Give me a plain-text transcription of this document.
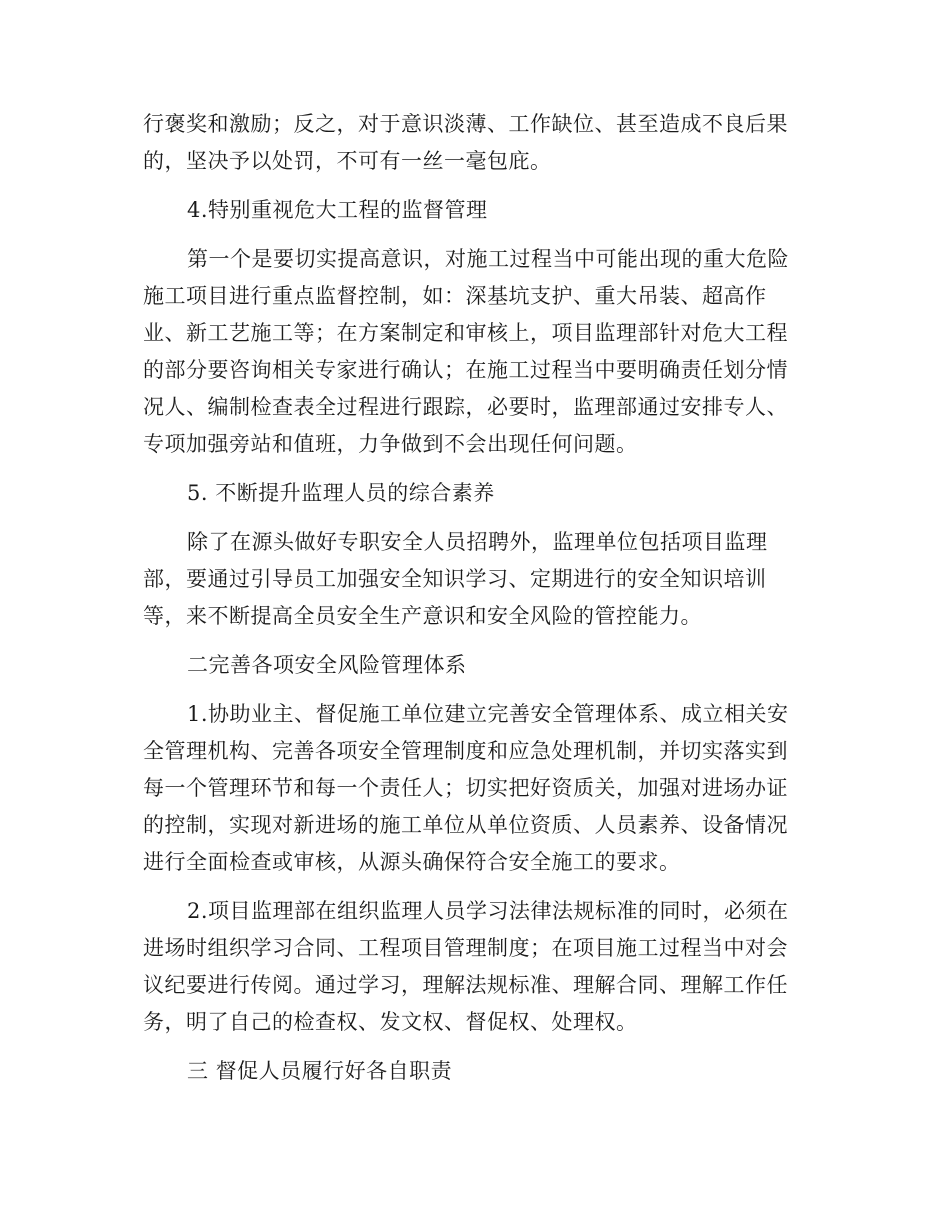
行褒奖和激励；反之，对于意识淡薄、工作缺位、甚至造成不良后果
的，坚决予以处罚，不可有一丝一毫包庇。
4.特别重视危大工程的监督管理
第一个是要切实提高意识，对施工过程当中可能出现的重大危险
施工项目进行重点监督控制，如：深基坑支护、重大吊装、超高作
业、新工艺施工等；在方案制定和审核上，项目监理部针对危大工程
的部分要咨询相关专家进行确认；在施工过程当中要明确责任划分情
况人、编制检查表全过程进行跟踪，必要时，监理部通过安排专人、
专项加强旁站和值班，力争做到不会出现任何问题。
5. 不断提升监理人员的综合素养
除了在源头做好专职安全人员招聘外，监理单位包括项目监理
部，要通过引导员工加强安全知识学习、定期进行的安全知识培训
等，来不断提高全员安全生产意识和安全风险的管控能力。
二完善各项安全风险管理体系
1.协助业主、督促施工单位建立完善安全管理体系、成立相关安
全管理机构、完善各项安全管理制度和应急处理机制，并切实落实到
每一个管理环节和每一个责任人；切实把好资质关，加强对进场办证
的控制，实现对新进场的施工单位从单位资质、人员素养、设备情况
进行全面检查或审核，从源头确保符合安全施工的要求。
2.项目监理部在组织监理人员学习法律法规标准的同时，必须在
进场时组织学习合同、工程项目管理制度；在项目施工过程当中对会
议纪要进行传阅。通过学习，理解法规标准、理解合同、理解工作任
务，明了自己的检查权、发文权、督促权、处理权。
三 督促人员履行好各自职责
